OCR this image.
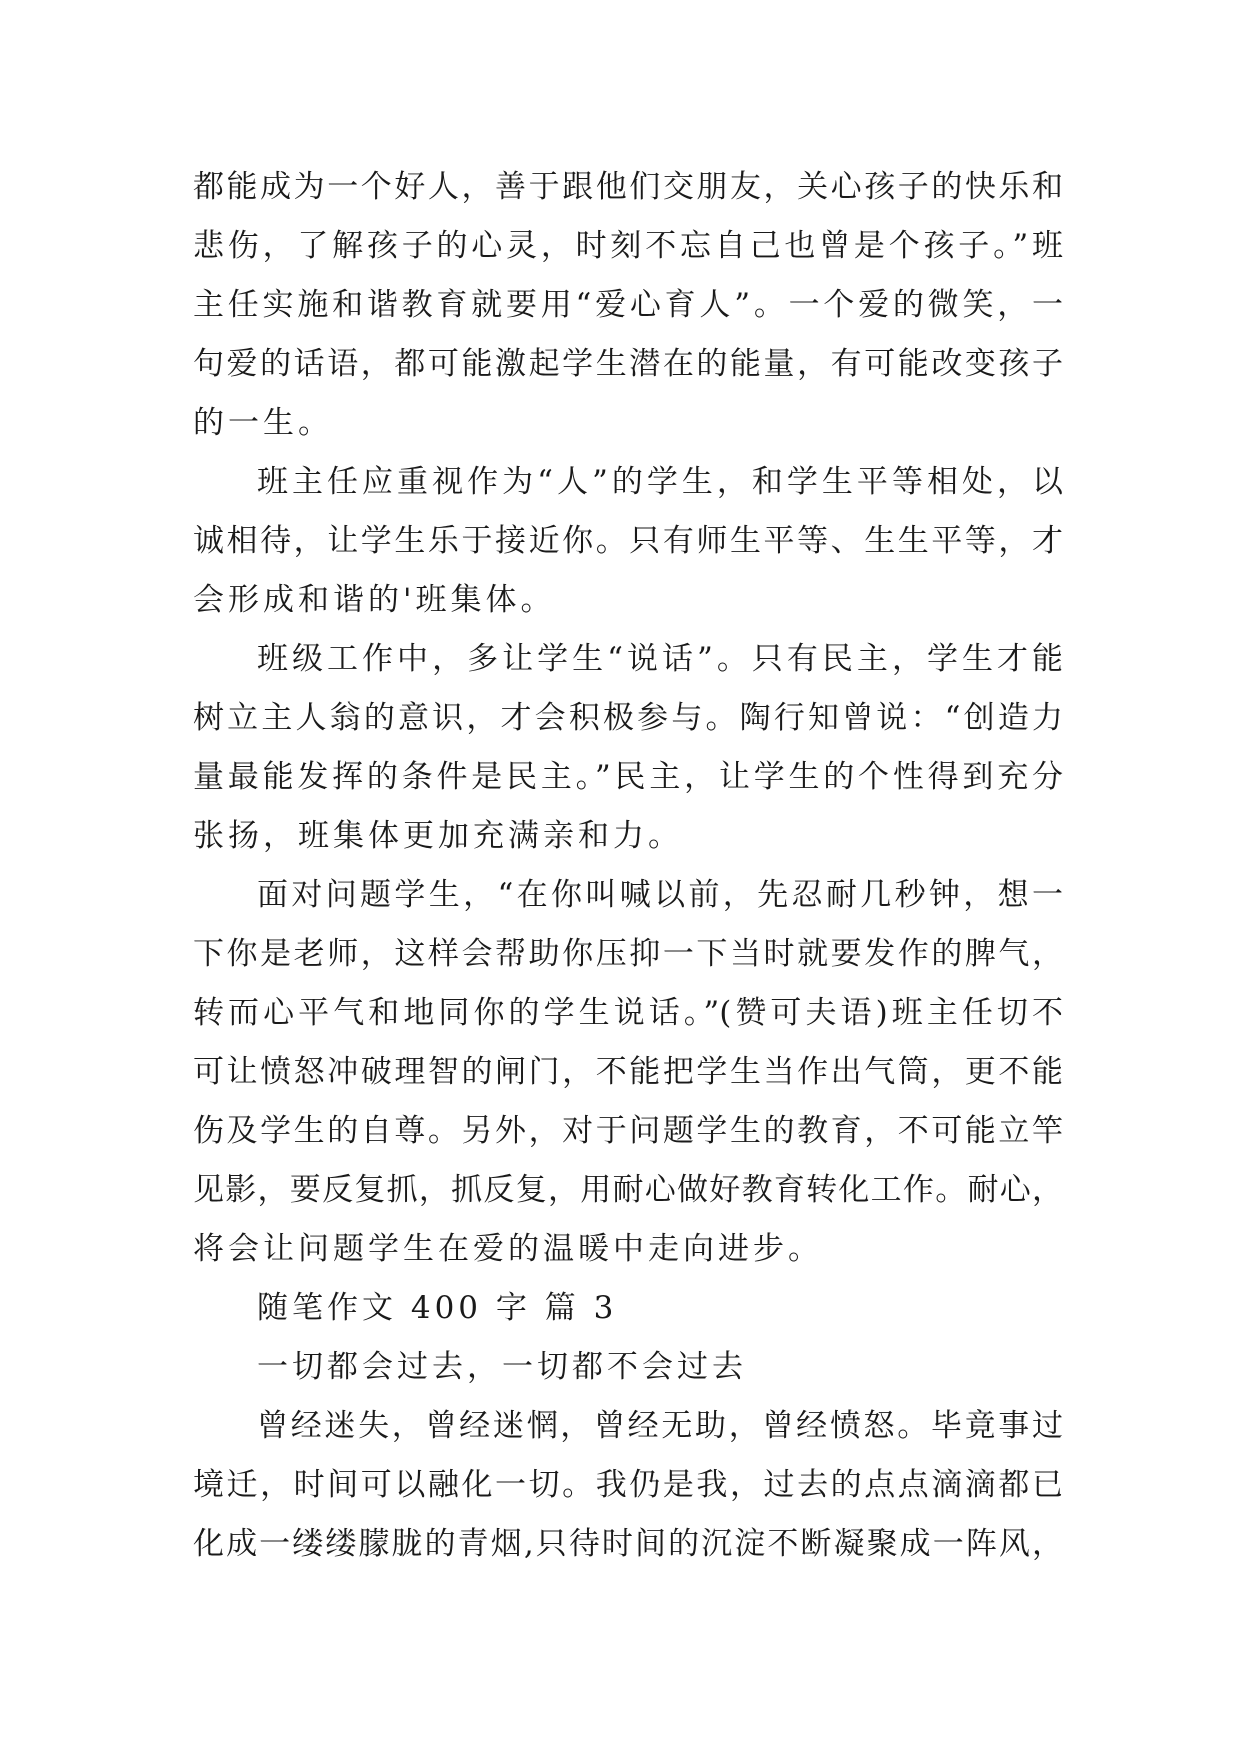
都能成为一个好人，善于跟他们交朋友，关心孩子的快乐和
悲伤，了解孩子的心灵，时刻不忘自己也曾是个孩子。”班
主任实施和谐教育就要用“爱心育人”。一个爱的微笑，一
句爱的话语，都可能激起学生潜在的能量，有可能改变孩子
的一生。
班主任应重视作为“人”的学生，和学生平等相处，以
诚相待，让学生乐于接近你。只有师生平等、生生平等，才
会形成和谐的'班集体。
班级工作中，多让学生“说话”。只有民主，学生才能
树立主人翁的意识，才会积极参与。陶行知曾说：“创造力
量最能发挥的条件是民主。”民主，让学生的个性得到充分
张扬，班集体更加充满亲和力。
面对问题学生，“在你叫喊以前，先忍耐几秒钟，想一
下你是老师，这样会帮助你压抑一下当时就要发作的脾气，
转而心平气和地同你的学生说话。”(赞可夫语)班主任切不
可让愤怒冲破理智的闸门，不能把学生当作出气筒，更不能
伤及学生的自尊。另外，对于问题学生的教育，不可能立竿
见影，要反复抓，抓反复，用耐心做好教育转化工作。耐心，
将会让问题学生在爱的温暖中走向进步。
随笔作文 400 字 篇 3
一切都会过去，一切都不会过去
曾经迷失，曾经迷惘，曾经无助，曾经愤怒。毕竟事过
境迁，时间可以融化一切。我仍是我，过去的点点滴滴都已
化成一缕缕朦胧的青烟,只待时间的沉淀不断凝聚成一阵风，
